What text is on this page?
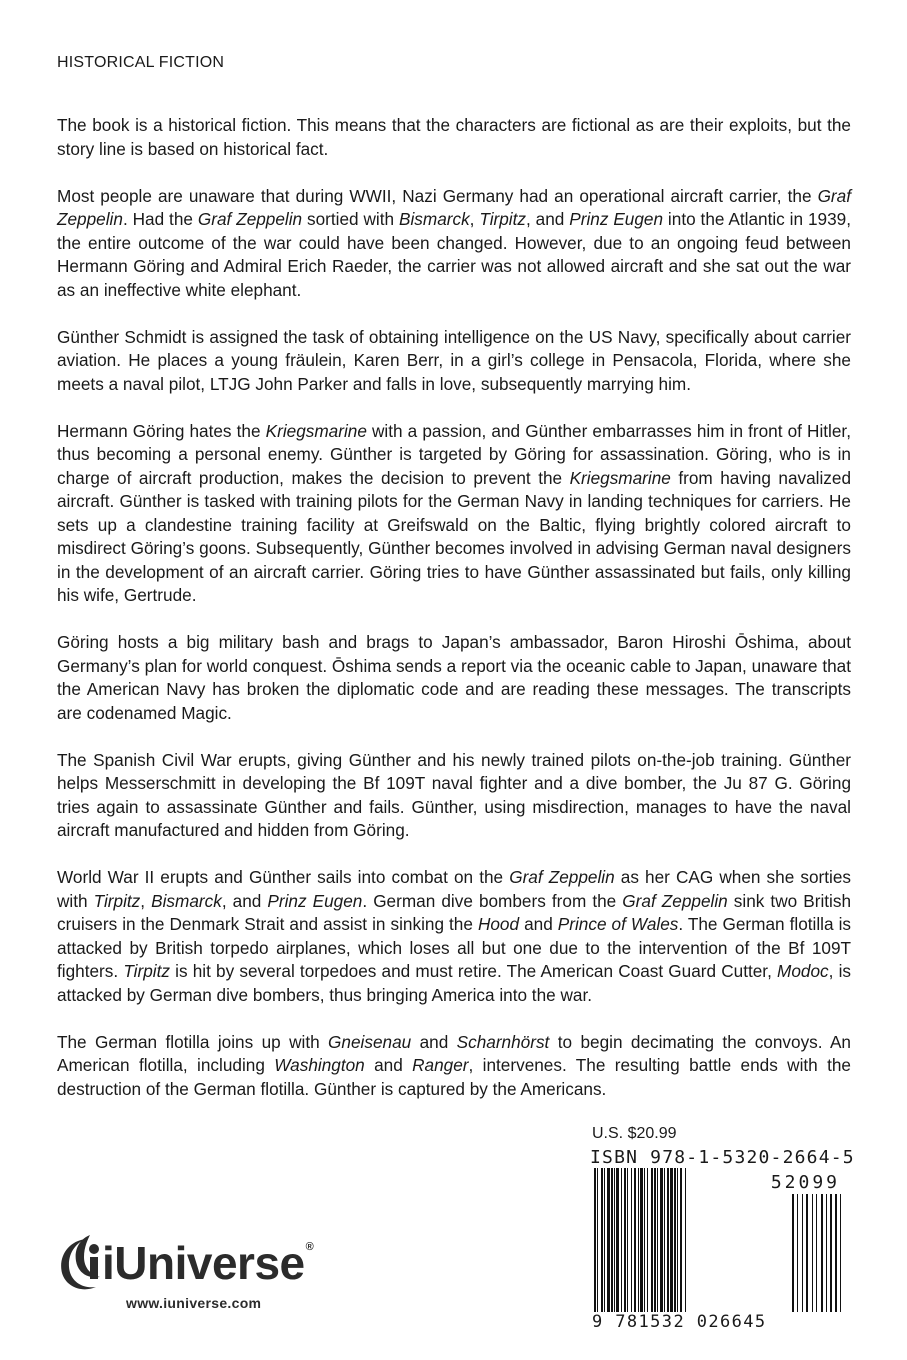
HISTORICAL FICTION

The book is a historical fiction. This means that the characters are fictional as are their exploits, but the story line is based on historical fact.

Most people are unaware that during WWII, Nazi Germany had an operational aircraft carrier, the Graf Zeppelin. Had the Graf Zeppelin sortied with Bismarck, Tirpitz, and Prinz Eugen into the Atlantic in 1939, the entire outcome of the war could have been changed. However, due to an ongoing feud between Hermann Göring and Admiral Erich Raeder, the carrier was not allowed aircraft and she sat out the war as an ineffective white elephant.

Günther Schmidt is assigned the task of obtaining intelligence on the US Navy, specifically about carrier aviation. He places a young fräulein, Karen Berr, in a girl’s college in Pensacola, Florida, where she meets a naval pilot, LTJG John Parker and falls in love, subsequently marrying him.

Hermann Göring hates the Kriegsmarine with a passion, and Günther embarrasses him in front of Hitler, thus becoming a personal enemy. Günther is targeted by Göring for assassination. Göring, who is in charge of aircraft production, makes the decision to prevent the Kriegsmarine from having navalized aircraft. Günther is tasked with training pilots for the German Navy in landing techniques for carriers. He sets up a clandestine training facility at Greifswald on the Baltic, flying brightly colored aircraft to misdirect Göring’s goons. Subsequently, Günther becomes involved in advising German naval designers in the development of an aircraft carrier. Göring tries to have Günther assassinated but fails, only killing his wife, Gertrude.

Göring hosts a big military bash and brags to Japan’s ambassador, Baron Hiroshi Ōshima, about Germany’s plan for world conquest. Ōshima sends a report via the oceanic cable to Japan, unaware that the American Navy has broken the diplomatic code and are reading these messages. The transcripts are codenamed Magic.

The Spanish Civil War erupts, giving Günther and his newly trained pilots on-the-job training. Günther helps Messerschmitt in developing the Bf 109T naval fighter and a dive bomber, the Ju 87 G. Göring tries again to assassinate Günther and fails. Günther, using misdirection, manages to have the naval aircraft manufactured and hidden from Göring.

World War II erupts and Günther sails into combat on the Graf Zeppelin as her CAG when she sorties with Tirpitz, Bismarck, and Prinz Eugen. German dive bombers from the Graf Zeppelin sink two British cruisers in the Denmark Strait and assist in sinking the Hood and Prince of Wales. The German flotilla is attacked by British torpedo airplanes, which loses all but one due to the intervention of the Bf 109T fighters. Tirpitz is hit by several torpedoes and must retire. The American Coast Guard Cutter, Modoc, is attacked by German dive bombers, thus bringing America into the war.

The German flotilla joins up with Gneisenau and Scharnhörst to begin decimating the convoys. An American flotilla, including Washington and Ranger, intervenes. The resulting battle ends with the destruction of the German flotilla. Günther is captured by the Americans.

U.S. $20.99
ISBN 978-1-5320-2664-5
52099
9 781532 026645
iUniverse®
www.iuniverse.com
